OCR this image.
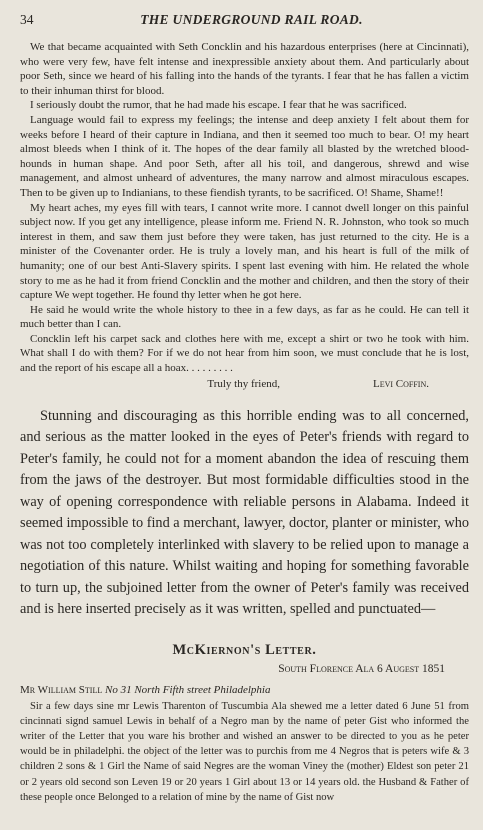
34	THE UNDERGROUND RAIL ROAD.

We that became acquainted with Seth Concklin and his hazardous enterprises (here at Cincinnati), who were very few, have felt intense and inexpressible anxiety about them. And particularly about poor Seth, since we heard of his falling into the hands of the tyrants. I fear that he has fallen a victim to their inhuman thirst for blood.

I seriously doubt the rumor, that he had made his escape. I fear that he was sacrificed.

Language would fail to express my feelings; the intense and deep anxiety I felt about them for weeks before I heard of their capture in Indiana, and then it seemed too much to bear. O! my heart almost bleeds when I think of it. The hopes of the dear family all blasted by the wretched blood-hounds in human shape. And poor Seth, after all his toil, and dangerous, shrewd and wise management, and almost unheard of adventures, the many narrow and almost miraculous escapes. Then to be given up to Indianians, to these fiendish tyrants, to be sacrificed. O! Shame, Shame!!

My heart aches, my eyes fill with tears, I cannot write more. I cannot dwell longer on this painful subject now. If you get any intelligence, please inform me. Friend N. R. Johnston, who took so much interest in them, and saw them just before they were taken, has just returned to the city. He is a minister of the Covenanter order. He is truly a lovely man, and his heart is full of the milk of humanity; one of our best Anti-Slavery spirits. I spent last evening with him. He related the whole story to me as he had it from friend Concklin and the mother and children, and then the story of their capture We wept together. He found thy letter when he got here.

He said he would write the whole history to thee in a few days, as far as he could. He can tell it much better than I can.

Concklin left his carpet sack and clothes here with me, except a shirt or two he took with him. What shall I do with them? For if we do not hear from him soon, we must conclude that he is lost, and the report of his escape all a hoax. . . . . . . . .

Truly thy friend,	Levi Coffin.

Stunning and discouraging as this horrible ending was to all concerned, and serious as the matter looked in the eyes of Peter's friends with regard to Peter's family, he could not for a moment abandon the idea of rescuing them from the jaws of the destroyer. But most formidable difficulties stood in the way of opening correspondence with reliable persons in Alabama. Indeed it seemed impossible to find a merchant, lawyer, doctor, planter or minister, who was not too completely interlinked with slavery to be relied upon to manage a negotiation of this nature. Whilst waiting and hoping for something favorable to turn up, the subjoined letter from the owner of Peter's family was received and is here inserted precisely as it was written, spelled and punctuated—

McKiernon's Letter.
South Florence Ala 6 Augest 1851
Mr William Still No 31 North Fifth street Philadelphia

Sir a few days sine mr Lewis Tharenton of Tuscumbia Ala shewed me a letter dated 6 June 51 from cincinnati signd samuel Lewis in behalf of a Negro man by the name of peter Gist who informed the writer of the Letter that you ware his brother and wished an answer to be directed to you as he peter would be in philadelphi. the object of the letter was to purchis from me 4 Negros that is peters wife & 3 children 2 sons & 1 Girl the Name of said Negres are the woman Viney the (mother) Eldest son peter 21 or 2 years old second son Leven 19 or 20 years 1 Girl about 13 or 14 years old. the Husband & Father of these people once Belonged to a relation of mine by the name of Gist now
